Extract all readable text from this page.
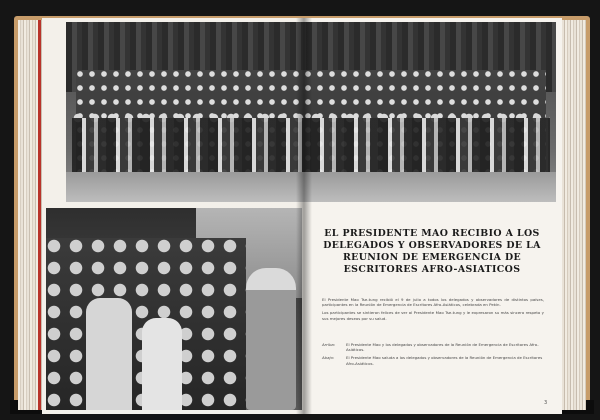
EL PRESIDENTE MAO RECIBIO A LOS DELEGADOS Y OBSERVADORES DE LA REUNION DE EMERGENCIA DE ESCRITORES AFRO-ASIATICOS

El Presidente Mao Tse-tung recibió el 9 de julio a todos los delegados y observadores de distintos países, participantes en la Reunión de Emergencia de Escritores Afro-Asiáticos, celebrada en Pekín.

Los participantes se sintieron felices de ver al Presidente Mao Tse-tung y le expresaron su más sincero respeto y sus mejores deseos por su salud.

Arriba:	El Presidente Mao y los delegados y observadores de la Reunión de Emergencia de Escritores Afro-Asiáticos.
Abajo:	El Presidente Mao saluda a los delegados y observadores de la Reunión de Emergencia de Escritores Afro-Asiáticos.
3
